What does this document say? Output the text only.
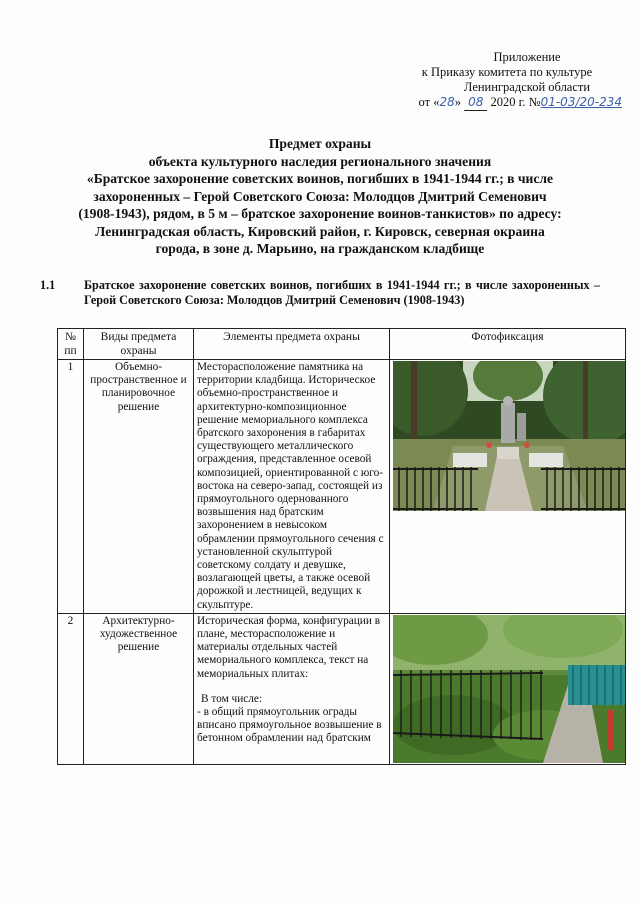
Приложение
к Приказу комитета по культуре
Ленинградской области
от «28» 08 2020 г. №01-03/20-234
Предмет охраны
объекта культурного наследия регионального значения
«Братское захоронение советских воинов, погибших в 1941-1944 гг.; в числе
захороненных – Герой Советского Союза: Молодцов Дмитрий Семенович
(1908-1943), рядом, в 5 м – братское захоронение воинов-танкистов» по адресу:
Ленинградская область, Кировский район, г. Кировск, северная окраина
города, в зоне д. Марьино, на гражданском кладбище
1.1 Братское захоронение советских воинов, погибших в 1941-1944 гг.; в числе захороненных – Герой Советского Союза: Молодцов Дмитрий Семенович (1908-1943)
№ пп	Виды предмета охраны	Элементы предмета охраны	Фотофиксация
1	Объемно-пространственное и планировочное решение	Месторасположение памятника на территории кладбища. Историческое объемно-пространственное и архитектурно-композиционное решение мемориального комплекса братского захоронения в габаритах существующего металлического ограждения, представленное осевой композицией, ориентированной с юго-востока на северо-запад, состоящей из прямоугольного одернованного возвышения над братским захоронением в невысоком обрамлении прямоугольного сечения с установленной скульптурой советскому солдату и девушке, возлагающей цветы, а также осевой дорожкой и лестницей, ведущих к скульптуре.	

2	Архитектурно-художественное решение	Историческая форма, конфигурации в плане, месторасположение и материалы отдельных частей мемориального комплекса, текст на мемориальных плитах:
В том числе:
- в общий прямоугольник ограды вписано прямоугольное возвышение в бетонном обрамлении над братским
